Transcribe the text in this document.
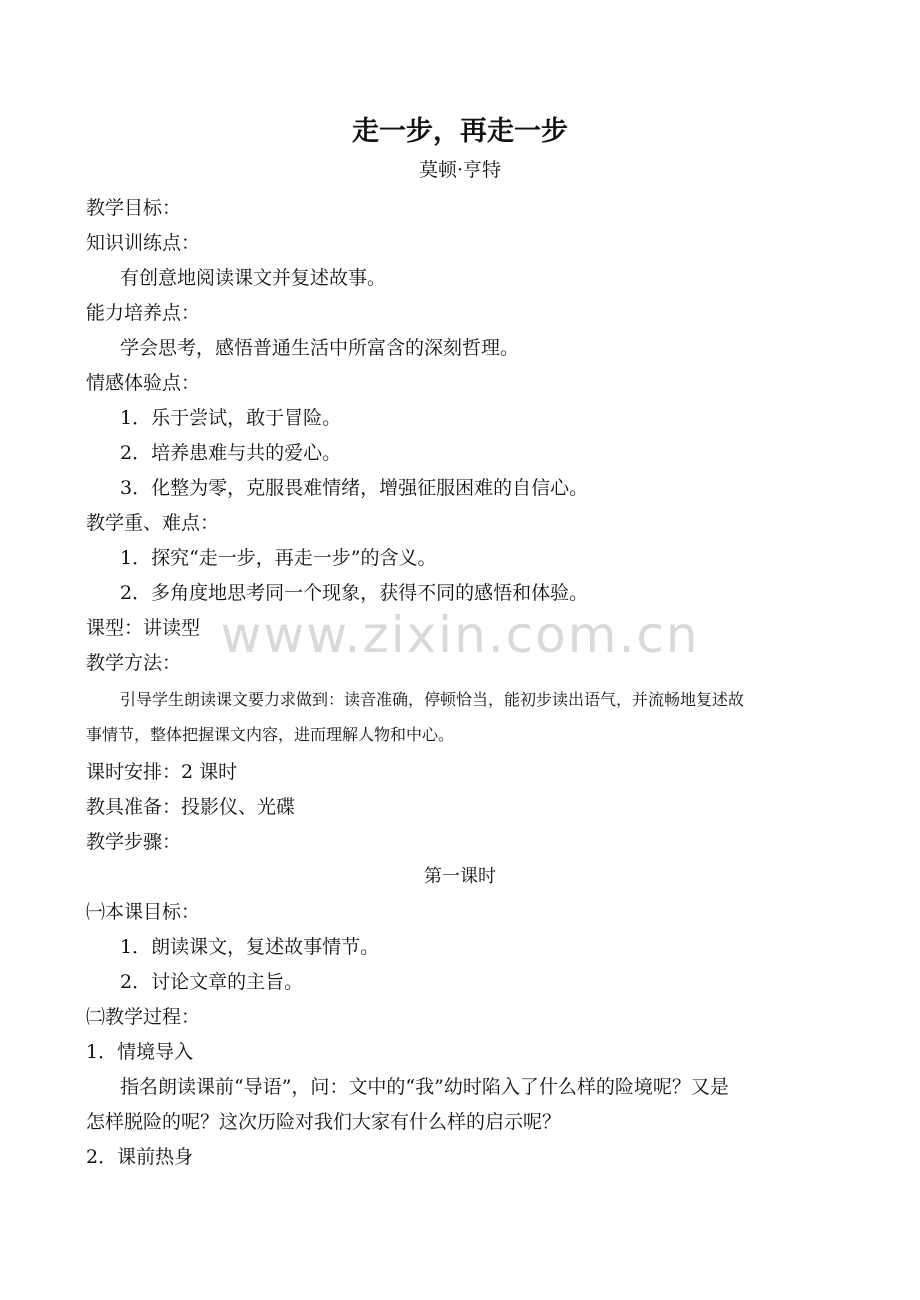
走一步，再走一步
莫顿·亨特
教学目标：
知识训练点：
有创意地阅读课文并复述故事。
能力培养点：
学会思考，感悟普通生活中所富含的深刻哲理。
情感体验点：
1．乐于尝试，敢于冒险。
2．培养患难与共的爱心。
3．化整为零，克服畏难情绪，增强征服困难的自信心。
教学重、难点：
1．探究“走一步，再走一步”的含义。
2．多角度地思考同一个现象，获得不同的感悟和体验。
课型：讲读型
教学方法：
引导学生朗读课文要力求做到：读音准确，停顿恰当，能初步读出语气，并流畅地复述故
事情节，整体把握课文内容，进而理解人物和中心。
课时安排：2 课时
教具准备：投影仪、光碟
教学步骤：
第一课时
㈠本课目标：
1．朗读课文，复述故事情节。
2．讨论文章的主旨。
㈡教学过程：
1．情境导入
指名朗读课前“导语”，问：文中的“我”幼时陷入了什么样的险境呢？又是
怎样脱险的呢？这次历险对我们大家有什么样的启示呢？
2．课前热身
www.zixin.com.cn
